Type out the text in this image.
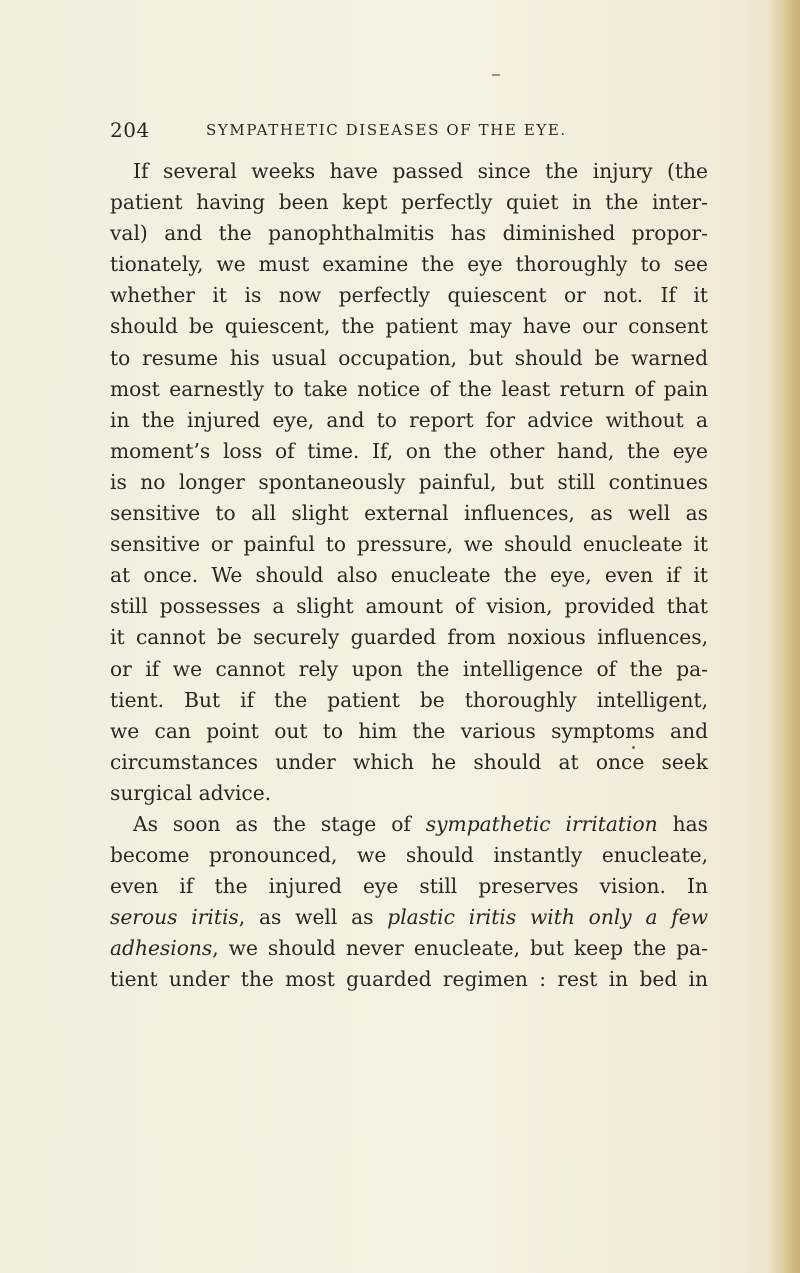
204	SYMPATHETIC DISEASES OF THE EYE.
If several weeks have passed since the injury (the
patient having been kept perfectly quiet in the inter-
val) and the panophthalmitis has diminished propor-
tionately, we must examine the eye thoroughly to see
whether it is now perfectly quiescent or not. If it
should be quiescent, the patient may have our consent
to resume his usual occupation, but should be warned
most earnestly to take notice of the least return of pain
in the injured eye, and to report for advice without a
moment’s loss of time. If, on the other hand, the eye
is no longer spontaneously painful, but still continues
sensitive to all slight external influences, as well as
sensitive or painful to pressure, we should enucleate it
at once. We should also enucleate the eye, even if it
still possesses a slight amount of vision, provided that
it cannot be securely guarded from noxious influences,
or if we cannot rely upon the intelligence of the pa-
tient. But if the patient be thoroughly intelligent,
we can point out to him the various symptoms and
circumstances under which he should at once seek
surgical advice.
As soon as the stage of sympathetic irritation has
become pronounced, we should instantly enucleate,
even if the injured eye still preserves vision. In
serous iritis, as well as plastic iritis with only a few
adhesions, we should never enucleate, but keep the pa-
tient under the most guarded regimen : rest in bed in
